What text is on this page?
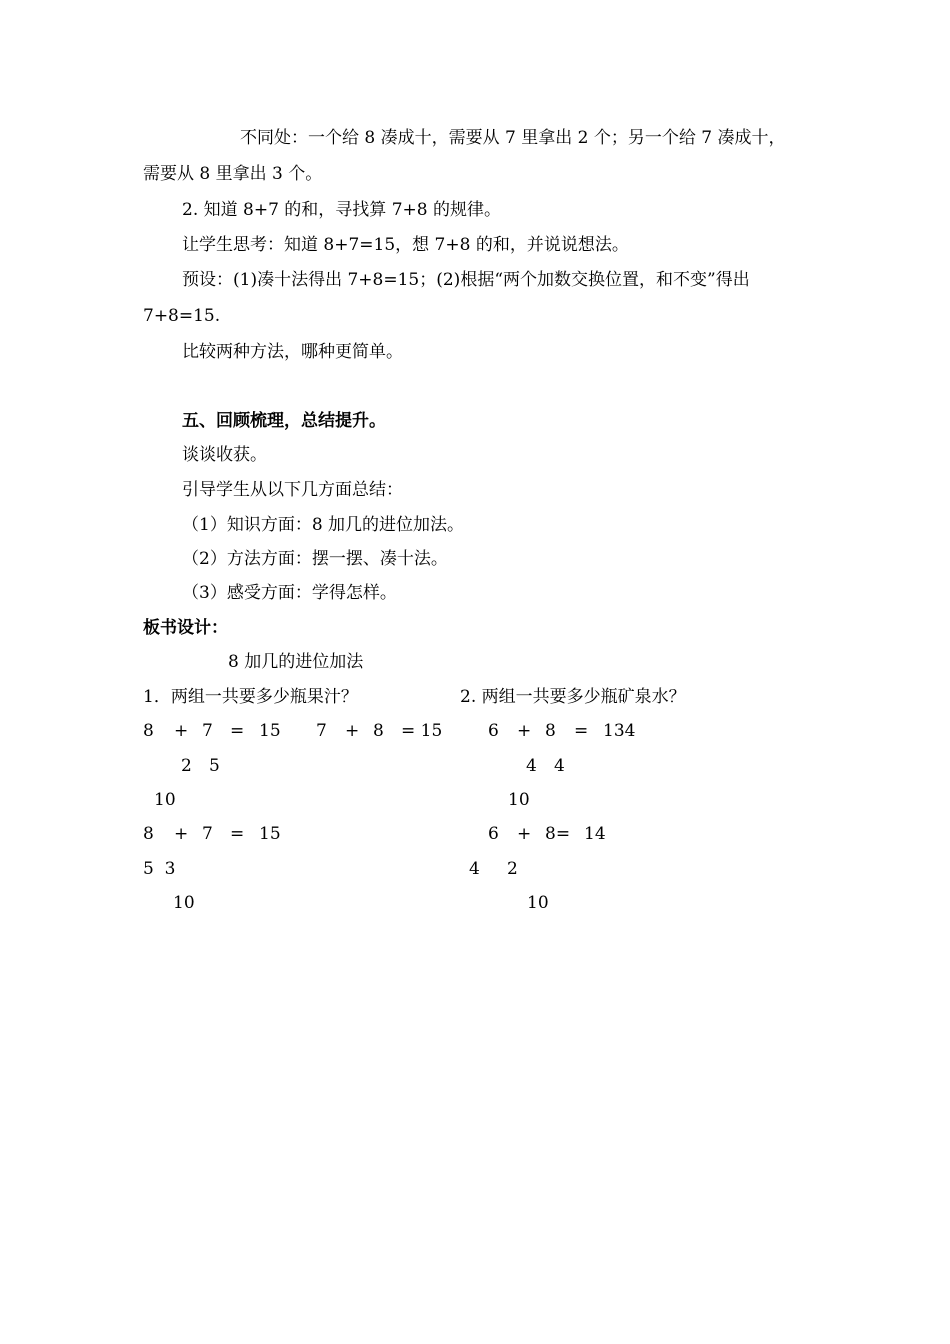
不同处：一个给 8 凑成十，需要从 7 里拿出 2 个；另一个给 7 凑成十，
需要从 8 里拿出 3 个。
2. 知道 8+7 的和，寻找算 7+8 的规律。
让学生思考：知道 8+7=15，想 7+8 的和，并说说想法。
预设：(1)凑十法得出 7+8=15；(2)根据“两个加数交换位置，和不变”得出
7+8=15.
比较两种方法，哪种更简单。
五、回顾梳理，总结提升。
谈谈收获。
引导学生从以下几方面总结：
（1）知识方面：8 加几的进位加法。
（2）方法方面：摆一摆、凑十法。
（3）感受方面：学得怎样。
板书设计：
8 加几的进位加法
1．两组一共要多少瓶果汁？	2. 两组一共要多少瓶矿泉水？
8 + 7 = 15 7 + 8 = 15	6 + 8 = 134
2 5	4 4
10	10
8 + 7 = 15	6 + 8= 14
5  3	4 2
10	10
